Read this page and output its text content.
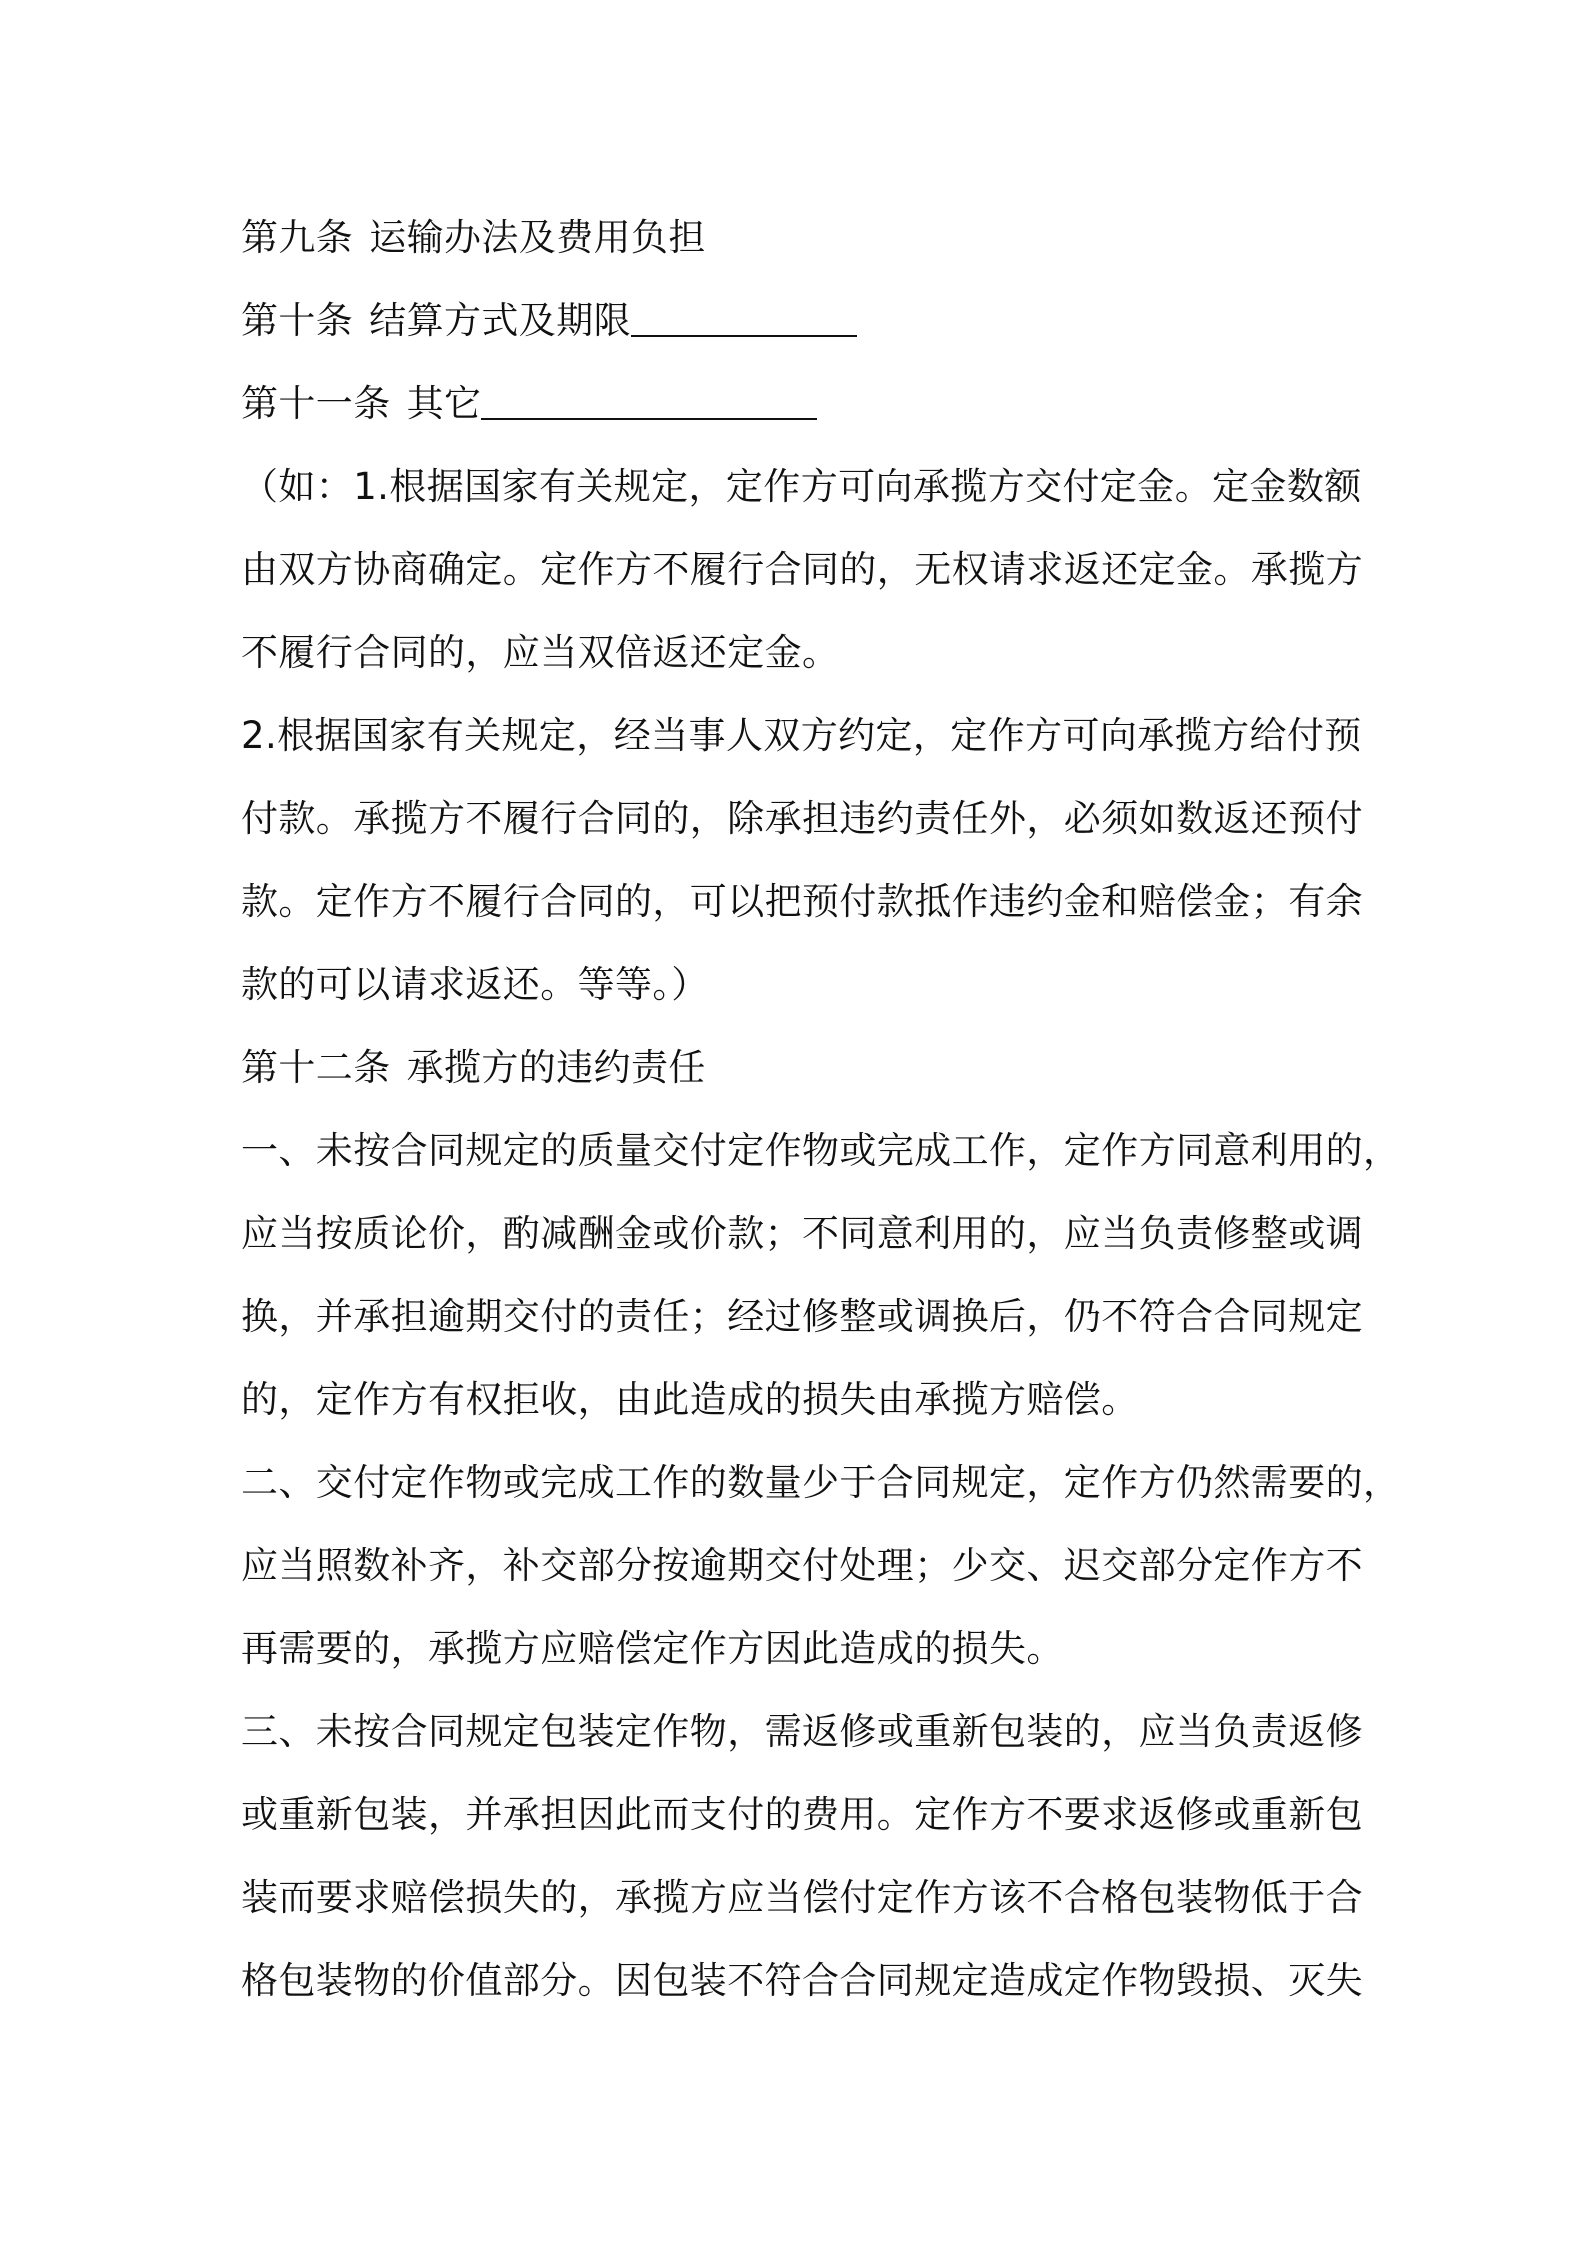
第九条 运输办法及费用负担
第十条 结算方式及期限
第十一条 其它
（如：1.根据国家有关规定，定作方可向承揽方交付定金。定金数额
由双方协商确定。定作方不履行合同的，无权请求返还定金。承揽方
不履行合同的，应当双倍返还定金。
2.根据国家有关规定，经当事人双方约定，定作方可向承揽方给付预
付款。承揽方不履行合同的，除承担违约责任外，必须如数返还预付
款。定作方不履行合同的，可以把预付款抵作违约金和赔偿金；有余
款的可以请求返还。等等。）
第十二条 承揽方的违约责任
一、未按合同规定的质量交付定作物或完成工作，定作方同意利用的，
应当按质论价，酌减酬金或价款；不同意利用的，应当负责修整或调
换，并承担逾期交付的责任；经过修整或调换后，仍不符合合同规定
的，定作方有权拒收，由此造成的损失由承揽方赔偿。
二、交付定作物或完成工作的数量少于合同规定，定作方仍然需要的，
应当照数补齐，补交部分按逾期交付处理；少交、迟交部分定作方不
再需要的，承揽方应赔偿定作方因此造成的损失。
三、未按合同规定包装定作物，需返修或重新包装的，应当负责返修
或重新包装，并承担因此而支付的费用。定作方不要求返修或重新包
装而要求赔偿损失的，承揽方应当偿付定作方该不合格包装物低于合
格包装物的价值部分。因包装不符合合同规定造成定作物毁损、灭失
